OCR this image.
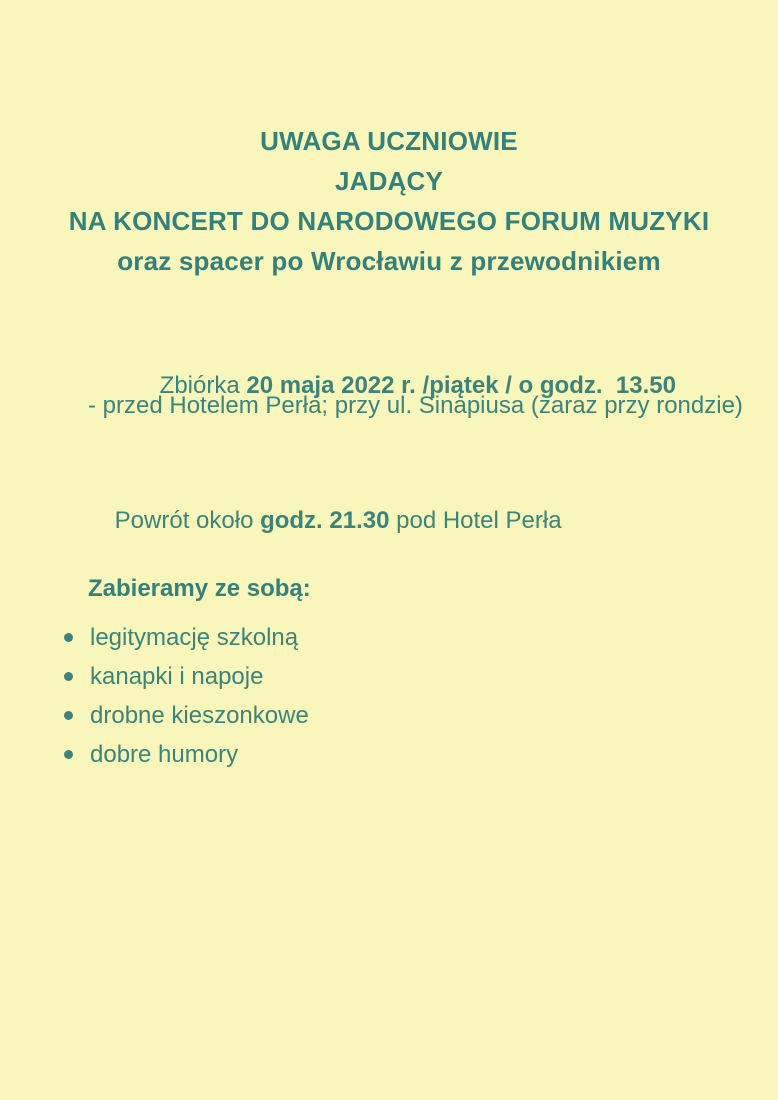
UWAGA UCZNIOWIE
JADĄCY
NA KONCERT DO NARODOWEGO FORUM MUZYKI
oraz spacer po Wrocławiu z przewodnikiem

Zbiórka 20 maja 2022 r. /piątek / o godz.  13.50

- przed Hotelem Perła; przy ul. Sinapiusa (zaraz przy rondzie)

Powrót około godz. 21.30 pod Hotel Perła

Zabieramy ze sobą:
legitymację szkolną
kanapki i napoje
drobne kieszonkowe
dobre humory
